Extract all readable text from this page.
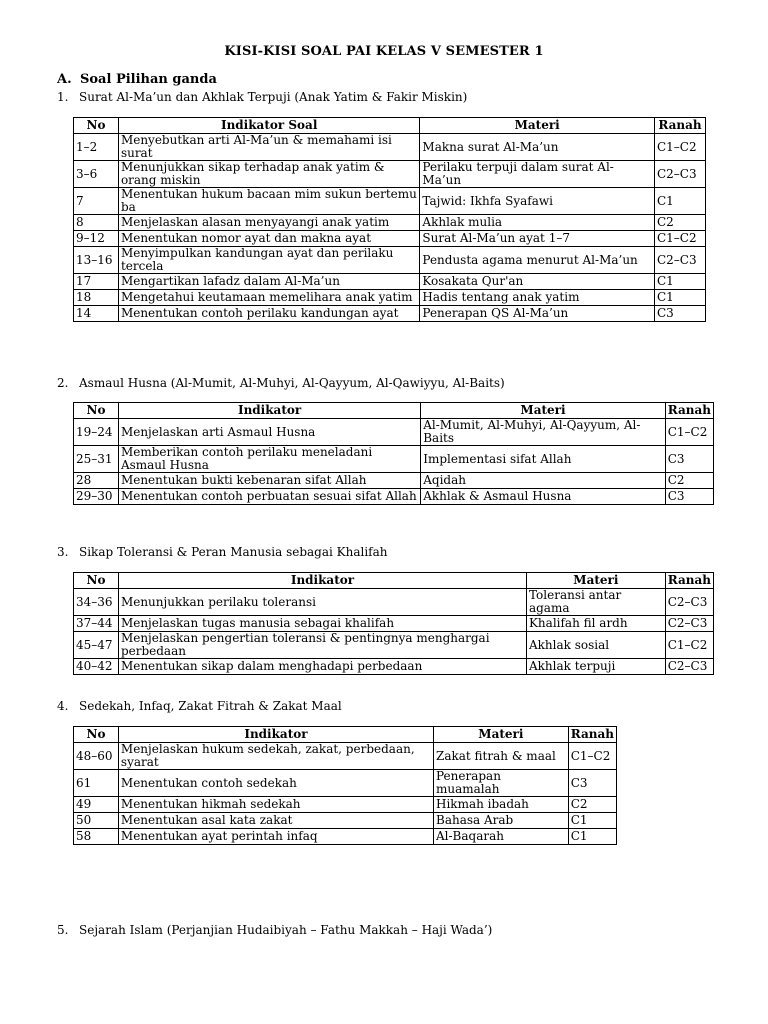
KISI-KISI SOAL PAI KELAS V SEMESTER 1
A. Soal Pilihan ganda
1. Surat Al-Ma’un dan Akhlak Terpuji (Anak Yatim & Fakir Miskin)
No	Indikator Soal	Materi	Ranah
1–2	Menyebutkan arti Al-Ma’un & memahami isi surat	Makna surat Al-Ma’un	C1–C2
3–6	Menunjukkan sikap terhadap anak yatim & orang miskin	Perilaku terpuji dalam surat Al-Ma’un	C2–C3
7	Menentukan hukum bacaan mim sukun bertemu ba	Tajwid: Ikhfa Syafawi	C1
8	Menjelaskan alasan menyayangi anak yatim	Akhlak mulia	C2
9–12	Menentukan nomor ayat dan makna ayat	Surat Al-Ma’un ayat 1–7	C1–C2
13–16	Menyimpulkan kandungan ayat dan perilaku tercela	Pendusta agama menurut Al-Ma’un	C2–C3
17	Mengartikan lafadz dalam Al-Ma’un	Kosakata Qur'an	C1
18	Mengetahui keutamaan memelihara anak yatim	Hadis tentang anak yatim	C1
14	Menentukan contoh perilaku kandungan ayat	Penerapan QS Al-Ma’un	C3
2. Asmaul Husna (Al-Mumit, Al-Muhyi, Al-Qayyum, Al-Qawiyyu, Al-Baits)
No	Indikator	Materi	Ranah
19–24	Menjelaskan arti Asmaul Husna	Al-Mumit, Al-Muhyi, Al-Qayyum, Al-Baits	C1–C2
25–31	Memberikan contoh perilaku meneladani Asmaul Husna	Implementasi sifat Allah	C3
28	Menentukan bukti kebenaran sifat Allah	Aqidah	C2
29–30	Menentukan contoh perbuatan sesuai sifat Allah	Akhlak & Asmaul Husna	C3
3. Sikap Toleransi & Peran Manusia sebagai Khalifah
No	Indikator	Materi	Ranah
34–36	Menunjukkan perilaku toleransi	Toleransi antar agama	C2–C3
37–44	Menjelaskan tugas manusia sebagai khalifah	Khalifah fil ardh	C2–C3
45–47	Menjelaskan pengertian toleransi & pentingnya menghargai perbedaan	Akhlak sosial	C1–C2
40–42	Menentukan sikap dalam menghadapi perbedaan	Akhlak terpuji	C2–C3
4. Sedekah, Infaq, Zakat Fitrah & Zakat Maal
No	Indikator	Materi	Ranah
48–60	Menjelaskan hukum sedekah, zakat, perbedaan, syarat	Zakat fitrah & maal	C1–C2
61	Menentukan contoh sedekah	Penerapan muamalah	C3
49	Menentukan hikmah sedekah	Hikmah ibadah	C2
50	Menentukan asal kata zakat	Bahasa Arab	C1
58	Menentukan ayat perintah infaq	Al-Baqarah	C1
5. Sejarah Islam (Perjanjian Hudaibiyah – Fathu Makkah – Haji Wada’)
